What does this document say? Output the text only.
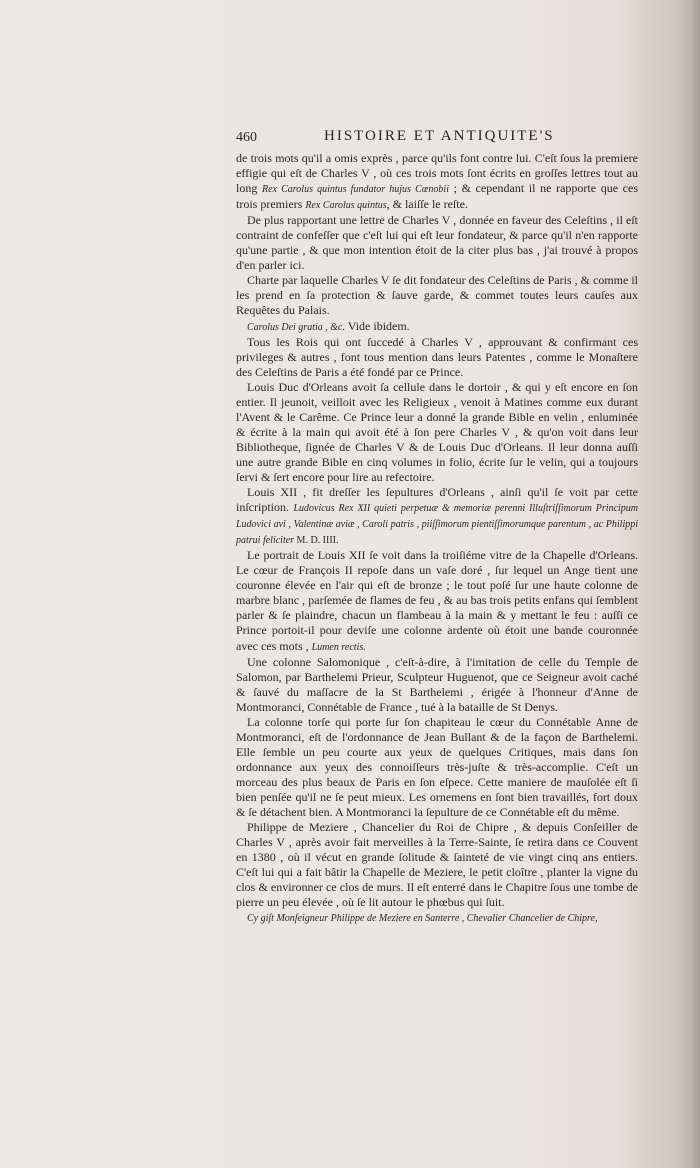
460	HISTOIRE ET ANTIQUITE'S

de trois mots qu'il a omis exprès , parce qu'ils font contre lui. C'eſt ſous la premiere effigie qui eſt de Charles V , où ces trois mots ſont écrits en groſſes lettres tout au long Rex Carolus quintus fundator hujus Cœnobii ; & cependant il ne rapporte que ces trois premiers Rex Carolus quintus, & laiſſe le reſte.

De plus rapportant une lettre de Charles V , donnée en faveur des Celeſtins , il eſt contraint de confeſſer que c'eſt lui qui eſt leur fondateur, & parce qu'il n'en rapporte qu'une partie , & que mon intention étoit de la citer plus bas , j'ai trouvé à propos d'en parler ici.

Charte par laquelle Charles V ſe dit fondateur des Celeſtins de Paris , & comme il les prend en ſa protection & ſauve garde, & commet toutes leurs cauſes aux Requêtes du Palais.

Carolus Dei gratia , &c. Vide ibidem.

Tous les Rois qui ont ſuccedé à Charles V , approuvant & confirmant ces privileges & autres , font tous mention dans leurs Patentes , comme le Monaſtere des Celeſtins de Paris a été fondé par ce Prince.

Louis Duc d'Orleans avoit ſa cellule dans le dortoir , & qui y eſt encore en ſon entier. Il jeunoit, veilloit avec les Religieux , venoit à Matines comme eux durant l'Avent & le Carême. Ce Prince leur a donné la grande Bible en velin , enluminée & écrite à la main qui avoit été à ſon pere Charles V , & qu'on voit dans leur Bibliotheque, ſignée de Charles V & de Louis Duc d'Orleans. Il leur donna auſſi une autre grande Bible en cinq volumes in folio, écrite ſur le velin, qui a toujours ſervi & ſert encore pour lire au refectoire.

Louis XII , fit dreſſer les ſepultures d'Orleans , ainſi qu'il ſe voit par cette inſcription. Ludovicus Rex XII quieti perpetuæ & memoriæ perenni Illuſtriſſimorum Principum Ludovici avi , Valentinæ aviæ , Caroli patris , piiſſimorum pientiſſimorumque parentum , ac Philippi patrui feliciter M. D. IIII.

Le portrait de Louis XII ſe voit dans la troiſiéme vitre de la Chapelle d'Orleans. Le cœur de François II repoſe dans un vaſe doré , ſur lequel un Ange tient une couronne élevée en l'air qui eſt de bronze ; le tout poſé ſur une haute colonne de marbre blanc , parſemée de flames de feu , & au bas trois petits enfans qui ſemblent parler & ſe plaindre, chacun un flambeau à la main & y mettant le feu : auſſi ce Prince portoit-il pour deviſe une colonne ardente où étoit une bande couronnée avec ces mots , Lumen rectis.

Une colonne Salomonique , c'eſt-à-dire, à l'imitation de celle du Temple de Salomon, par Barthelemi Prieur, Sculpteur Huguenot, que ce Seigneur avoit caché & ſauvé du maſſacre de la St Barthelemi , érigée à l'honneur d'Anne de Montmoranci, Connétable de France , tué à la bataille de St Denys.

La colonne torſe qui porte ſur ſon chapiteau le cœur du Connétable Anne de Montmoranci, eſt de l'ordonnance de Jean Bullant & de la façon de Barthelemi. Elle ſemble un peu courte aux yeux de quelques Critiques, mais dans ſon ordonnance aux yeux des connoiſſeurs très-juſte & très-accomplie. C'eſt un morceau des plus beaux de Paris en ſon eſpece. Cette maniere de mauſolée eſt ſi bien penſée qu'il ne ſe peut mieux. Les ornemens en ſont bien travaillés, fort doux & ſe détachent bien. A Montmoranci la ſepulture de ce Connétable eſt du même.

Philippe de Meziere , Chancelier du Roi de Chipre , & depuis Conſeiller de Charles V , après avoir fait merveilles à la Terre-Sainte, ſe retira dans ce Couvent en 1380 , où il vécut en grande ſolitude & ſainteté de vie vingt cinq ans entiers. C'eſt lui qui a fait bâtir la Chapelle de Meziere, le petit cloître , planter la vigne du clos & environner ce clos de murs. Il eſt enterré dans le Chapitre ſous une tombe de pierre un peu élevée , où ſe lit autour le phœbus qui ſuit.

Cy giſt Monſeigneur Philippe de Meziere en Santerre , Chevalier Chancelier de Chipre,
